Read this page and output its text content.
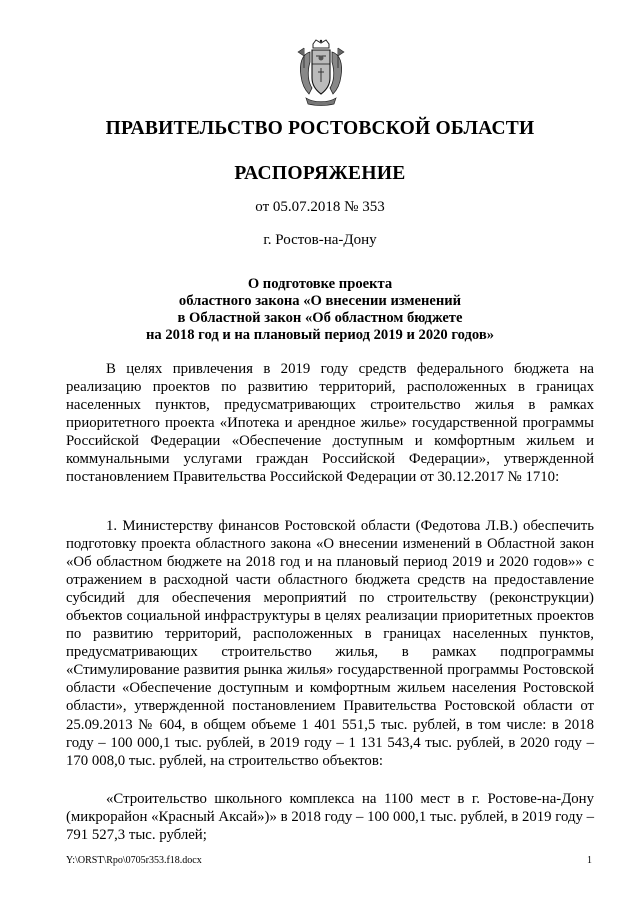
ПРАВИТЕЛЬСТВО РОСТОВСКОЙ ОБЛАСТИ
РАСПОРЯЖЕНИЕ
от 05.07.2018 № 353
г. Ростов-на-Дону
О подготовке проекта
областного закона «О внесении изменений
в Областной закон «Об областном бюджете
на 2018 год и на плановый период 2019 и 2020 годов»

В целях привлечения в 2019 году средств федерального бюджета на реализацию проектов по развитию территорий, расположенных в границах населенных пунктов, предусматривающих строительство жилья в рамках приоритетного проекта «Ипотека и арендное жилье» государственной программы Российской Федерации «Обеспечение доступным и комфортным жильем и коммунальными услугами граждан Российской Федерации», утвержденной постановлением Правительства Российской Федерации от 30.12.2017 № 1710:

1. Министерству финансов Ростовской области (Федотова Л.В.) обеспечить подготовку проекта областного закона «О внесении изменений в Областной закон «Об областном бюджете на 2018 год и на плановый период 2019 и 2020 годов»» с отражением в расходной части областного бюджета средств на предоставление субсидий для обеспечения мероприятий по строительству (реконструкции) объектов социальной инфраструктуры в целях реализации приоритетных проектов по развитию территорий, расположенных в границах населенных пунктов, предусматривающих строительство жилья, в рамках подпрограммы «Стимулирование развития рынка жилья» государственной программы Ростовской области «Обеспечение доступным и комфортным жильем населения Ростовской области», утвержденной постановлением Правительства Ростовской области от 25.09.2013 № 604, в общем объеме 1 401 551,5 тыс. рублей, в том числе: в 2018 году – 100 000,1 тыс. рублей, в 2019 году – 1 131 543,4 тыс. рублей, в 2020 году – 170 008,0 тыс. рублей, на строительство объектов:

«Строительство школьного комплекса на 1100 мест в г. Ростове-на-Дону (микрорайон «Красный Аксай»)» в 2018 году – 100 000,1 тыс. рублей, в 2019 году – 791 527,3 тыс. рублей;

Y:\ORST\Rpo\0705r353.f18.docx	1
